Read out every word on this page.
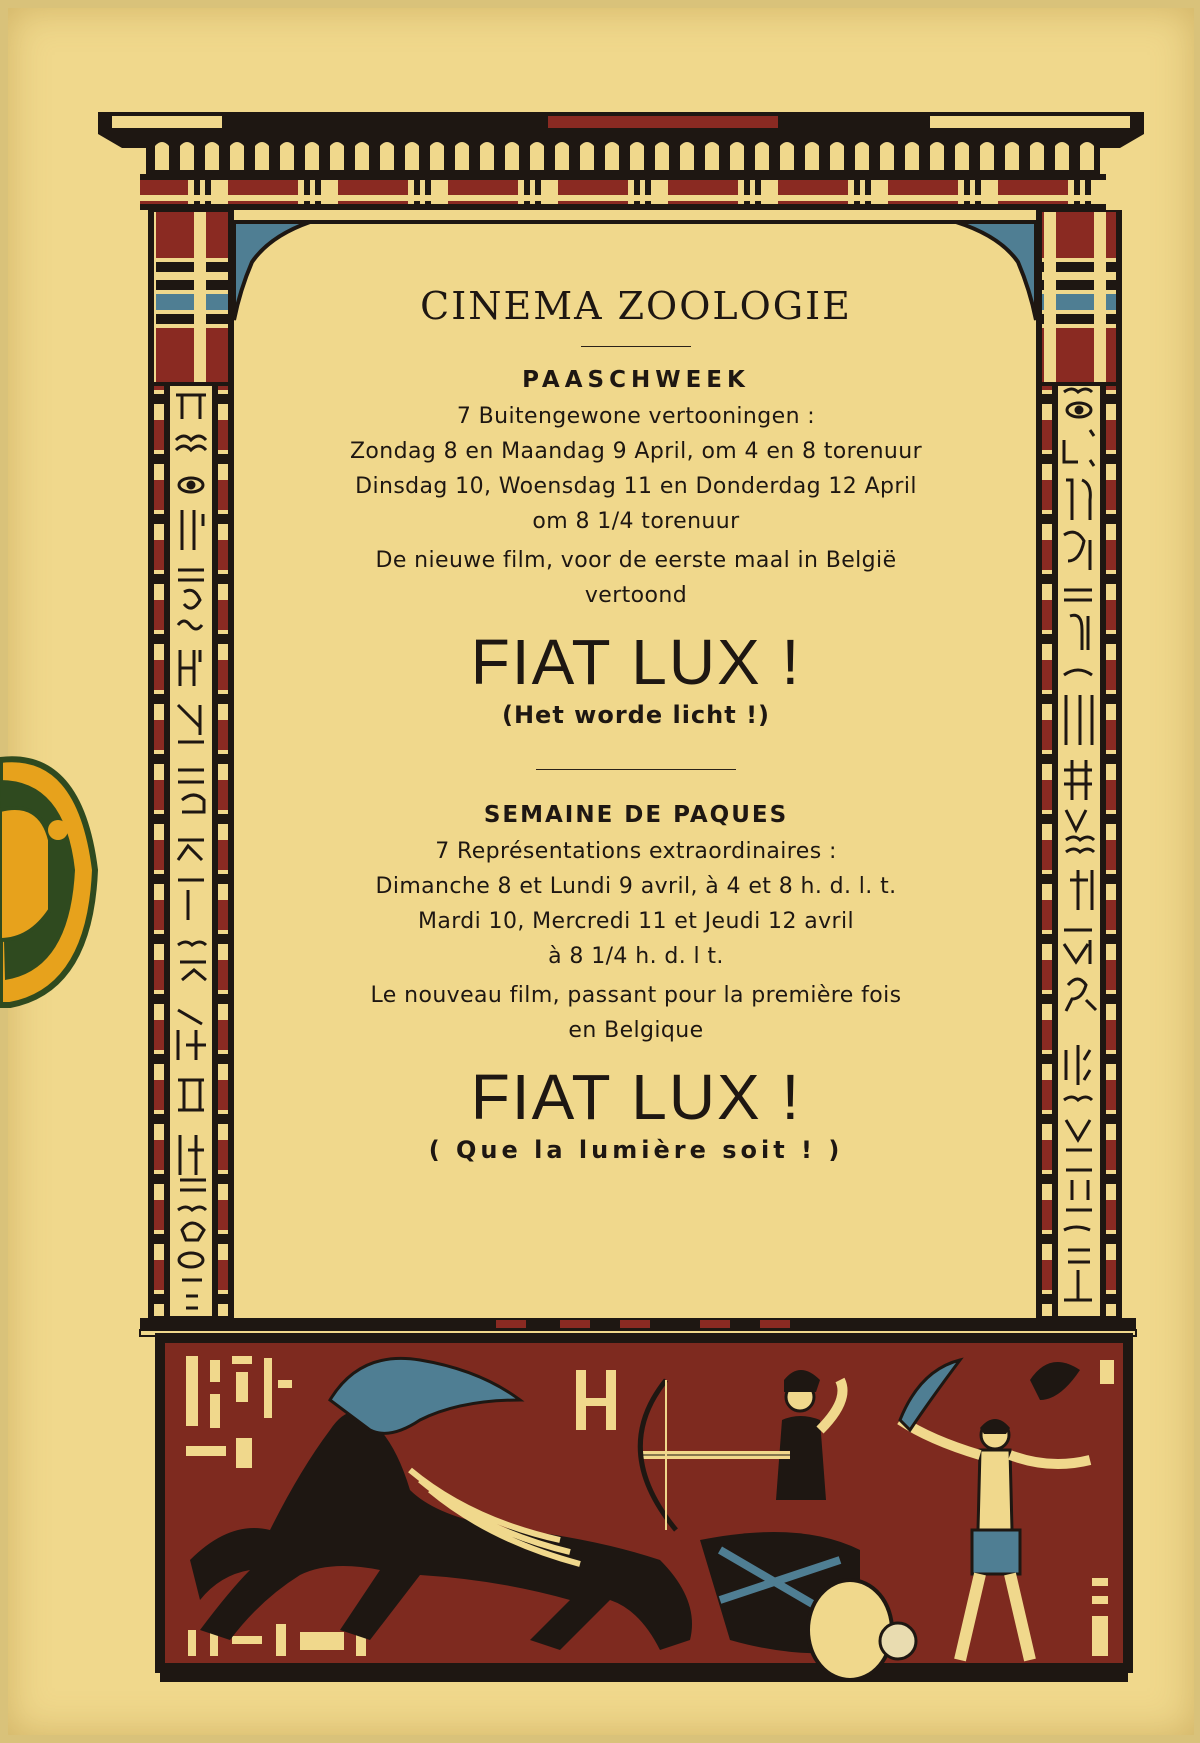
CINEMA ZOOLOGIE
PAASCHWEEK
7 Buitengewone vertooningen :
Zondag 8 en Maandag 9 April, om 4 en 8 torenuur
Dinsdag 10, Woensdag 11 en Donderdag 12 April
om 8 1/4 torenuur
De nieuwe film, voor de eerste maal in België
vertoond
FIAT LUX !
(Het worde licht !)
SEMAINE DE PAQUES
7 Représentations extraordinaires :
Dimanche 8 et Lundi 9 avril, à 4 et 8 h. d. l. t.
Mardi 10, Mercredi 11 et Jeudi 12 avril
à 8 1/4 h. d. l t.
Le nouveau film, passant pour la première fois
en Belgique
FIAT LUX !
( Que la lumière soit ! )
